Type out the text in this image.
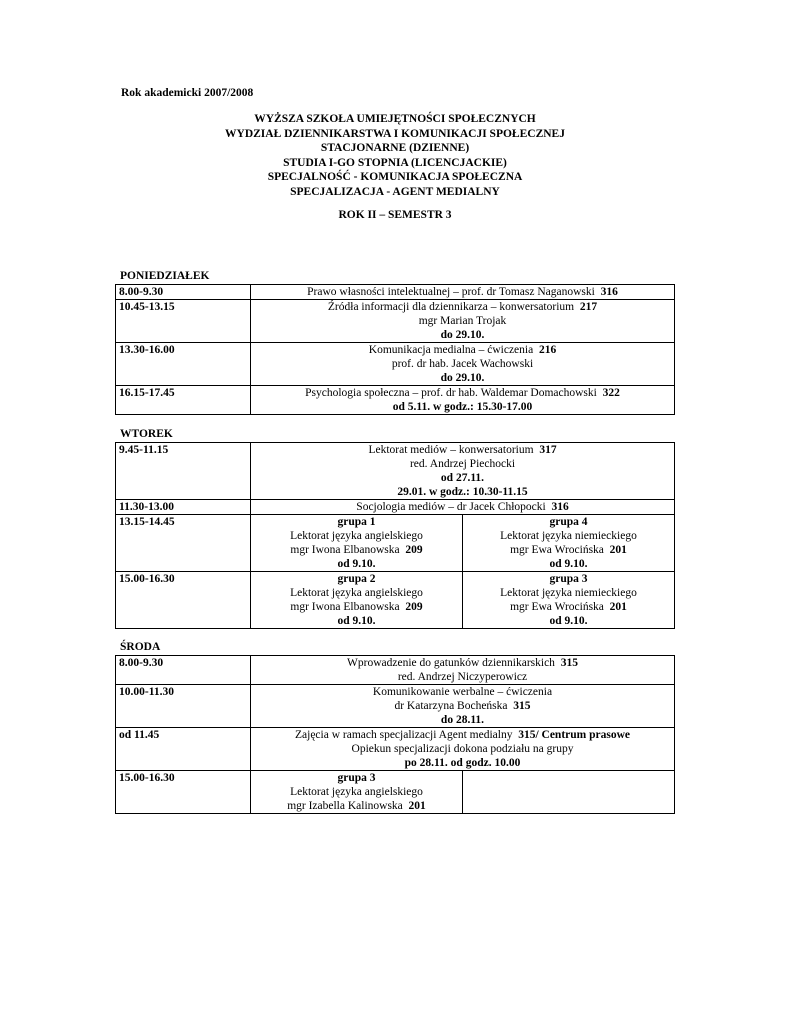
Rok akademicki 2007/2008
WYŻSZA SZKOŁA UMIEJĘTNOŚCI SPOŁECZNYCH
WYDZIAŁ DZIENNIKARSTWA I KOMUNIKACJI SPOŁECZNEJ
STACJONARNE (DZIENNE)
STUDIA I-GO STOPNIA (LICENCJACKIE)
SPECJALNOŚĆ - KOMUNIKACJA SPOŁECZNA
SPECJALIZACJA - AGENT MEDIALNY
ROK II – SEMESTR 3
PONIEDZIAŁEK
8.00-9.30	Prawo własności intelektualnej – prof. dr Tomasz Naganowski 316
10.45-13.15	Źródła informacji dla dziennikarza – konwersatorium 217
mgr Marian Trojak
do 29.10.

13.30-16.00	Komunikacja medialna – ćwiczenia 216
prof. dr hab. Jacek Wachowski
do 29.10.

16.15-17.45	Psychologia społeczna – prof. dr hab. Waldemar Domachowski 322
od 5.11. w godz.: 15.30-17.00
WTOREK
9.45-11.15	Lektorat mediów – konwersatorium 317
red. Andrzej Piechocki
od 27.11.
29.01. w godz.: 10.30-11.15	

11.30-13.00	Socjologia mediów – dr Jacek Chłopocki 316	
13.15-14.45	grupa 1
Lektorat języka angielskiego
mgr Iwona Elbanowska 209
od 9.10.	grupa 4
Lektorat języka niemieckiego
mgr Ewa Wrocińska 201
od 9.10.

15.00-16.30	grupa 2
Lektorat języka angielskiego
mgr Iwona Elbanowska 209
od 9.10.	grupa 3
Lektorat języka niemieckiego
mgr Ewa Wrocińska 201
od 9.10.
ŚRODA
8.00-9.30	Wprowadzenie do gatunków dziennikarskich 315
red. Andrzej Niczyperowicz	

10.00-11.30	Komunikowanie werbalne – ćwiczenia
dr Katarzyna Bocheńska 315
do 28.11.	

od 11.45	Zajęcia w ramach specjalizacji Agent medialny 315/ Centrum prasowe
Opiekun specjalizacji dokona podziału na grupy
po 28.11. od godz. 10.00	

15.00-16.30	grupa 3
Lektorat języka angielskiego
mgr Izabella Kalinowska 201	
